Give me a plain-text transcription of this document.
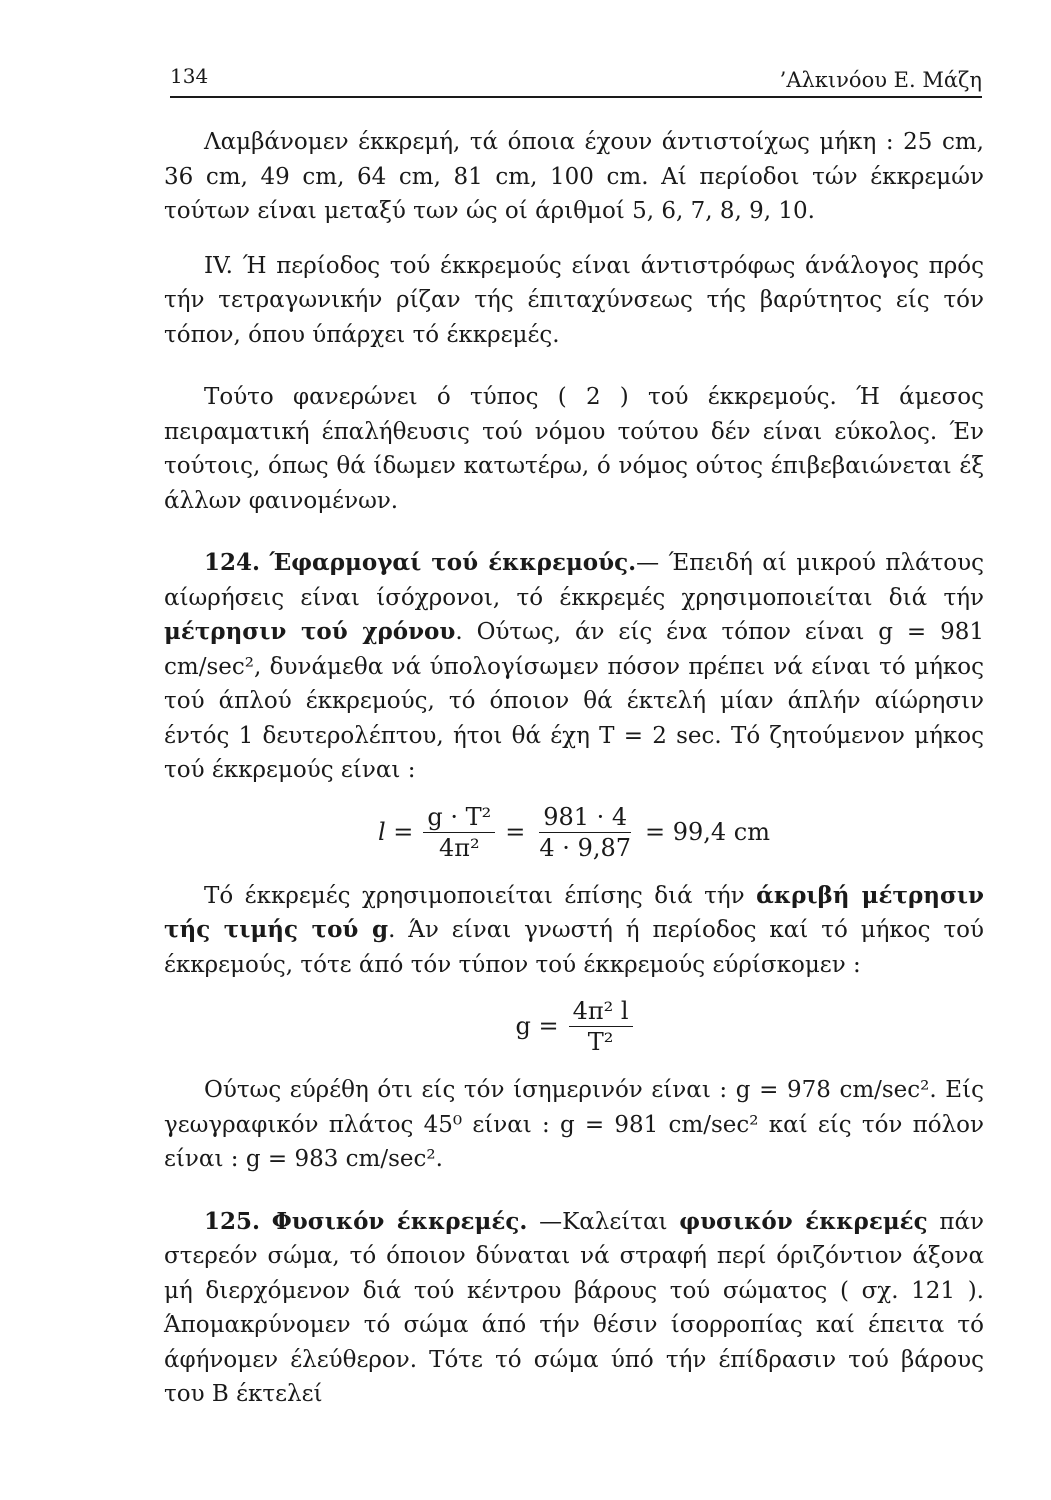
134	’Αλκινόου Ε. Μάζη

Λαμβάνομεν έκκρεμή, τά όποια έχουν άντιστοίχως μήκη : 25 cm, 36 cm, 49 cm, 64 cm, 81 cm, 100 cm. Αί περίοδοι τών έκκρεμών τούτων είναι μεταξύ των ώς οί άριθμοί 5, 6, 7, 8, 9, 10.

IV. Ή περίοδος τού έκκρεμούς είναι άντιστρόφως άνάλογος πρός τήν τετραγωνικήν ρίζαν τής έπιταχύνσεως τής βαρύτητος είς τόν τόπον, όπου ύπάρχει τό έκκρεμές.

Τούτο φανερώνει ό τύπος ( 2 ) τού έκκρεμούς. Ή άμεσος πειραματική έπαλήθευσις τού νόμου τούτου δέν είναι εύκολος. Έν τούτοις, όπως θά ίδωμεν κατωτέρω, ό νόμος ούτος έπιβεβαιώνεται έξ άλλων φαινομένων.

124. Έφαρμογαί τού έκκρεμούς.— Έπειδή αί μικρού πλάτους αίωρήσεις είναι ίσόχρονοι, τό έκκρεμές χρησιμοποιείται διά τήν μέτρησιν τού χρόνου. Ούτως, άν είς ένα τόπον είναι g = 981 cm/sec², δυνάμεθα νά ύπολογίσωμεν πόσον πρέπει νά είναι τό μήκος τού άπλού έκκρεμούς, τό όποιον θά έκτελή μίαν άπλήν αίώρησιν έντός 1 δευτερολέπτου, ήτοι θά έχη T = 2 sec. Τό ζητούμενον μήκος τού έκκρεμούς είναι :

$l = \frac{\text{g · T²}}{\text{4π²}} = \frac{981 \cdot 4}{4 \cdot 9,87} = 99,4$ cm

Τό έκκρεμές χρησιμοποιείται έπίσης διά τήν άκριβή μέτρησιν τής τιμής τού g. Άν είναι γνωστή ή περίοδος καί τό μήκος τού έκκρεμούς, τότε άπό τόν τύπον τού έκκρεμούς εύρίσκομεν :

$g = \frac{\text{4π² l}}{\text{T²}}$

Ούτως εύρέθη ότι είς τόν ίσημερινόν είναι : g = 978 cm/sec². Είς γεωγραφικόν πλάτος 45⁰ είναι : g = 981 cm/sec² καί είς τόν πόλον είναι : g = 983 cm/sec².

125. Φυσικόν έκκρεμές. —Καλείται φυσικόν έκκρεμές πάν στερεόν σώμα, τό όποιον δύναται νά στραφή περί όριζόντιον άξονα μή διερχόμενον διά τού κέντρου βάρους τού σώματος ( σχ. 121 ). Άπομακρύνομεν τό σώμα άπό τήν θέσιν ίσορροπίας καί έπειτα τό άφήνομεν έλεύθερον. Τότε τό σώμα ύπό τήν έπίδρασιν τού βάρους του Β έκτελεί
